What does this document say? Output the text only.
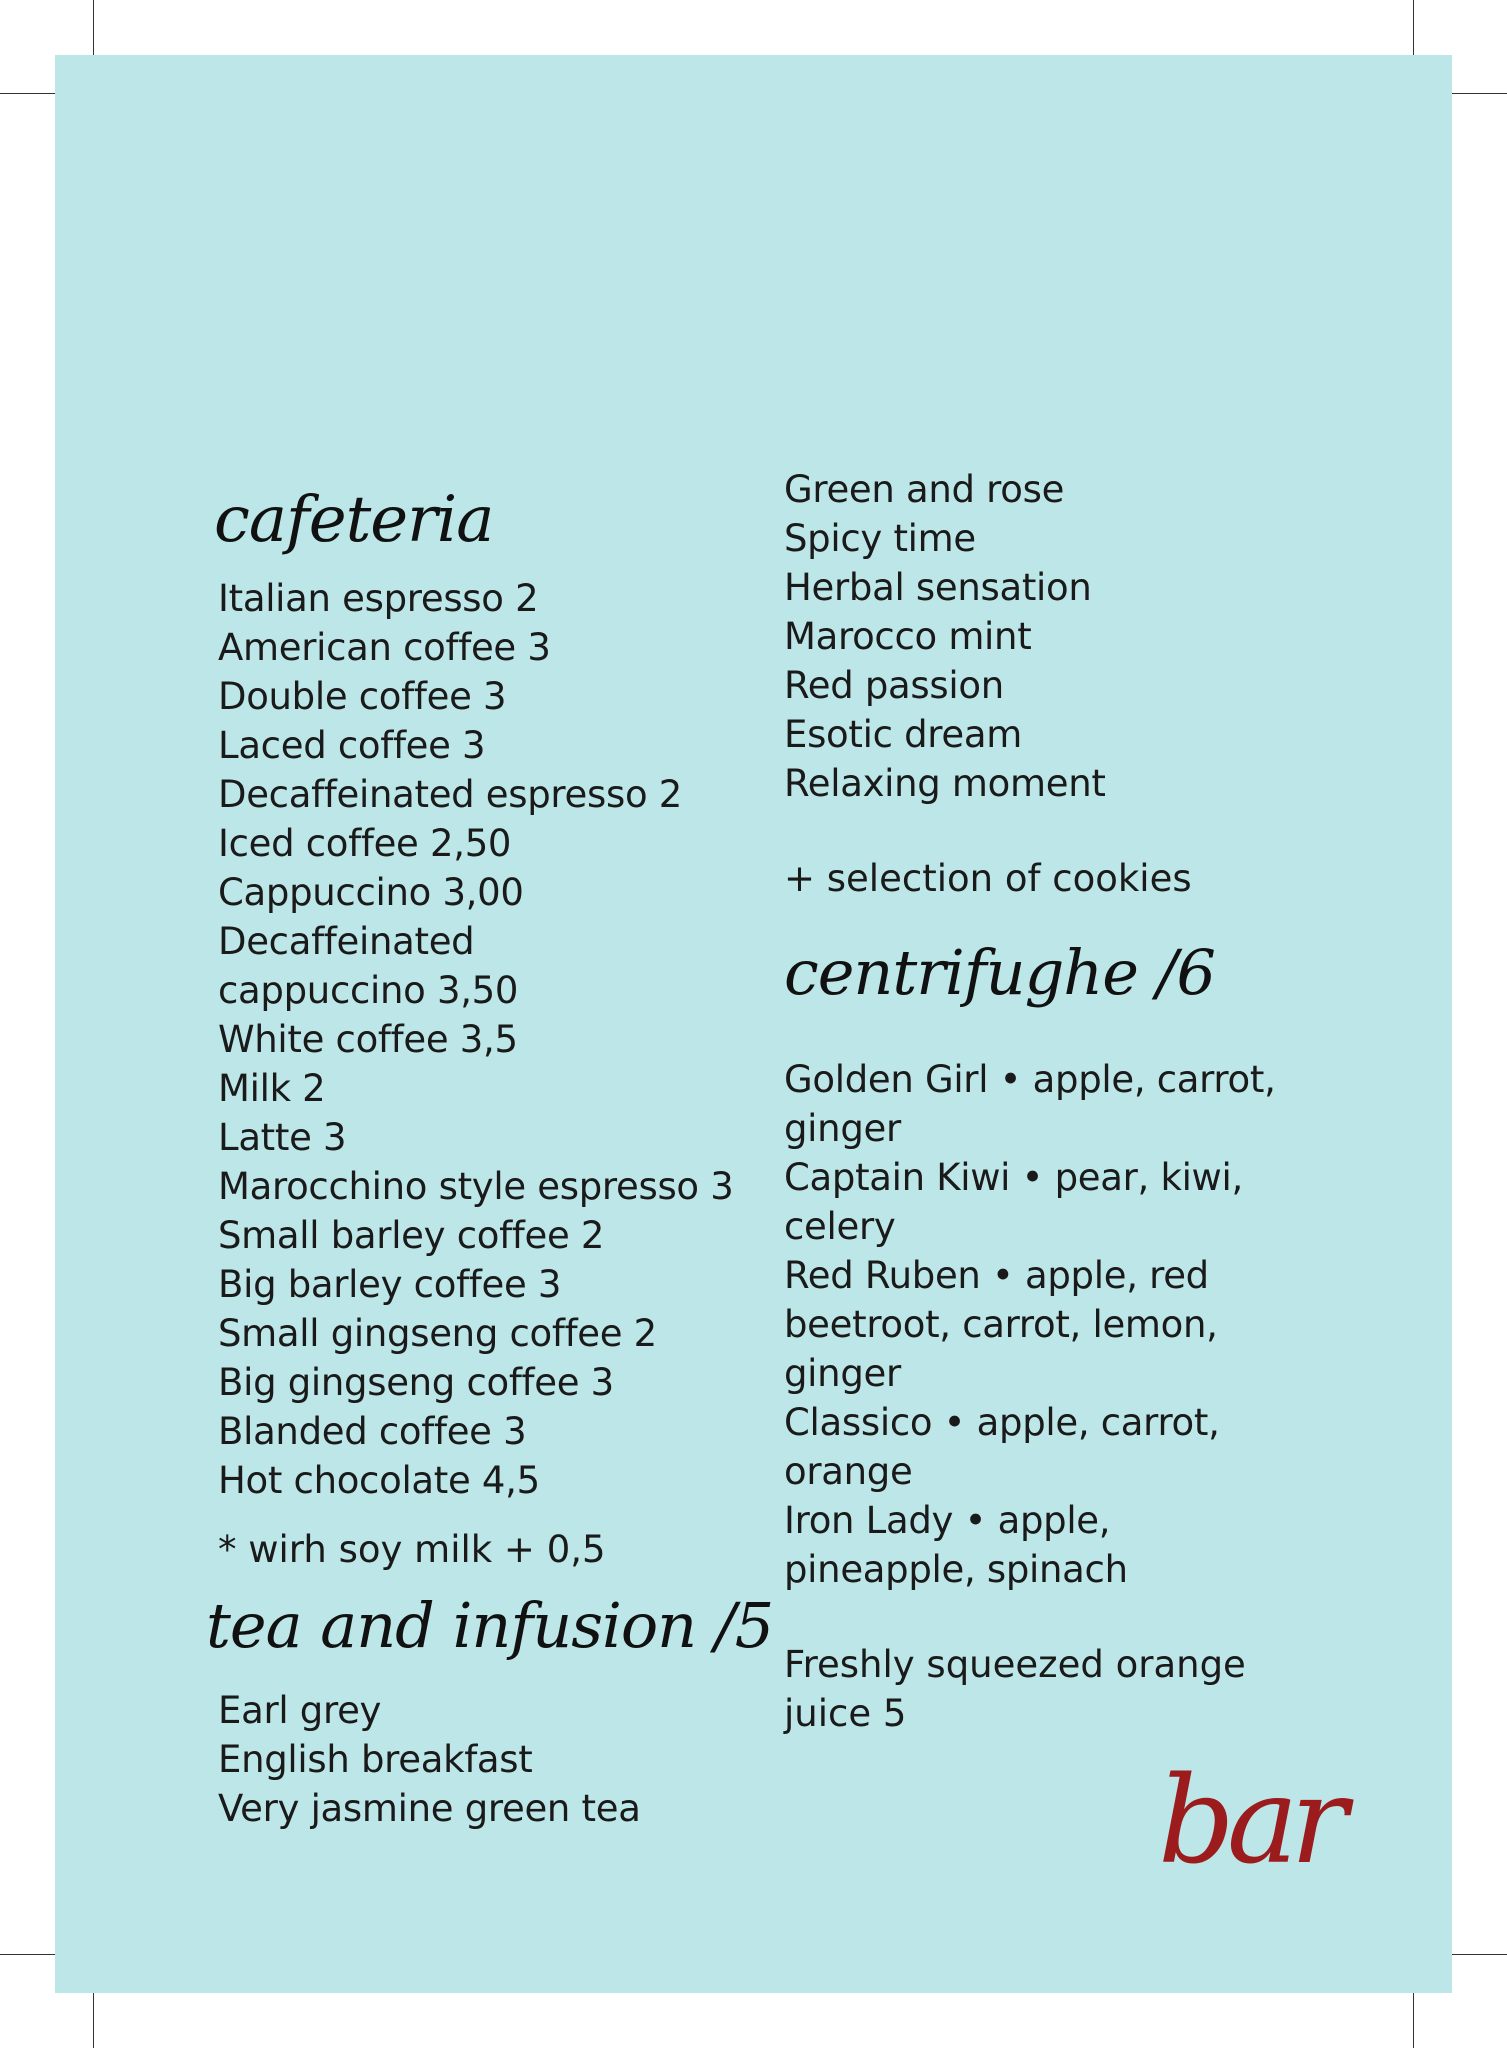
cafeteria
Italian espresso 2
American coffee 3
Double coffee 3
Laced coffee 3
Decaffeinated espresso 2
Iced coffee 2,50
Cappuccino 3,00
Decaffeinated cappuccino 3,50
White coffee 3,5
Milk 2
Latte 3
Marocchino style espresso 3
Small barley coffee 2
Big barley coffee 3
Small gingseng coffee 2
Big gingseng coffee 3
Blanded coffee 3
Hot chocolate 4,5
* wirh soy milk + 0,5
tea and infusion /5
Earl grey
English breakfast
Very jasmine green tea
Green and rose
Spicy time
Herbal sensation
Marocco mint
Red passion
Esotic dream
Relaxing moment
+ selection of cookies
centrifughe /6
Golden Girl • apple, carrot, ginger
Captain Kiwi • pear, kiwi, celery
Red Ruben • apple, red beetroot, carrot, lemon, ginger
Classico • apple, carrot, orange
Iron Lady • apple, pineapple, spinach
Freshly squeezed orange juice 5
bar
